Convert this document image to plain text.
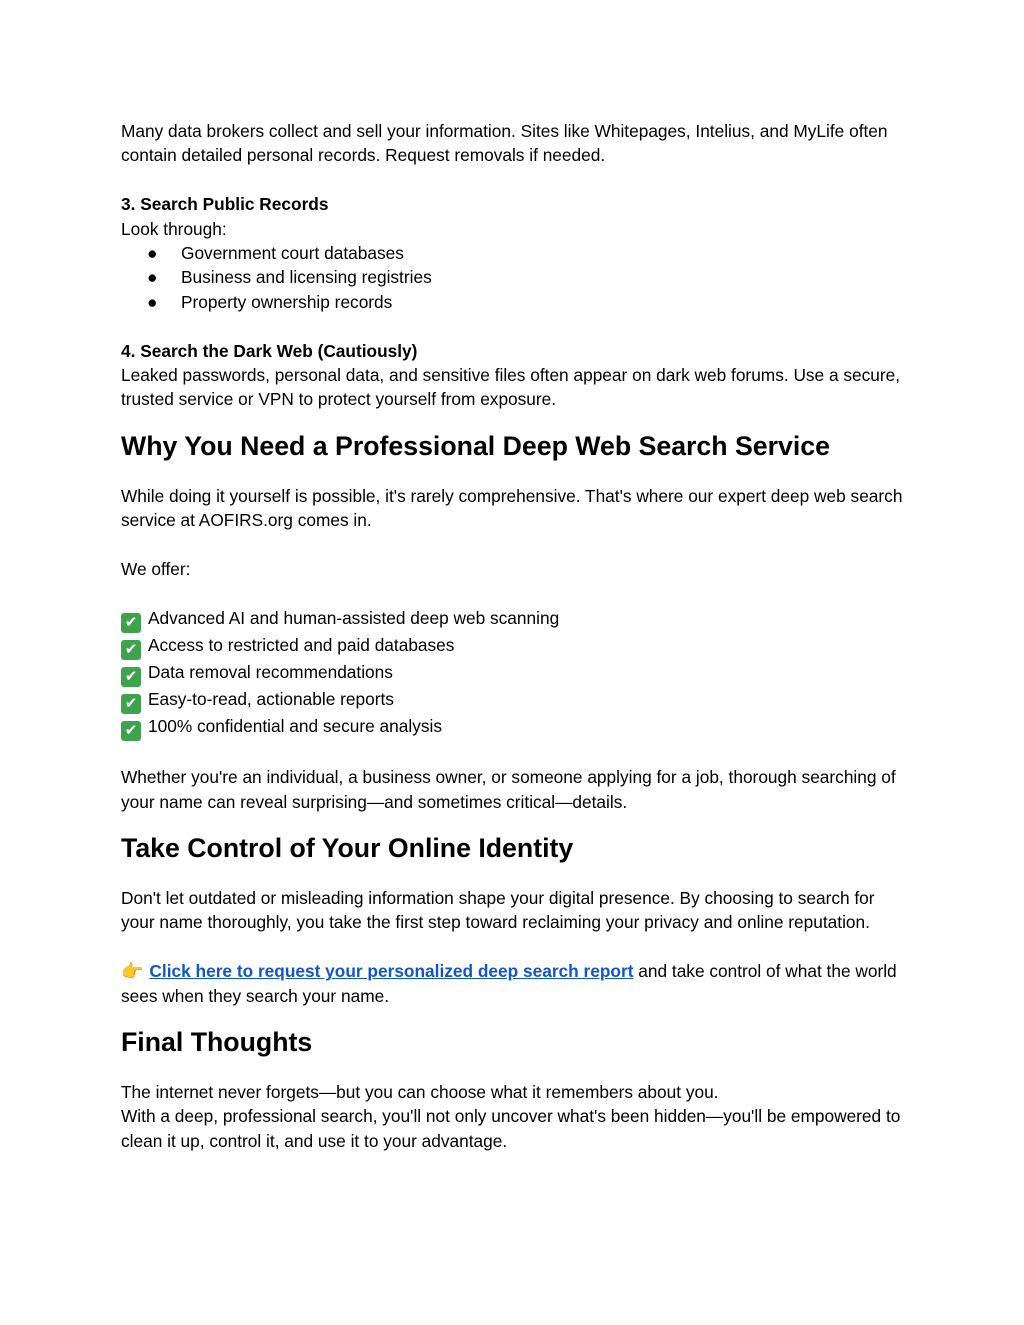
Many data brokers collect and sell your information. Sites like Whitepages, Intelius, and MyLife often contain detailed personal records. Request removals if needed.

3. Search Public Records

Look through:

● Government court databases
● Business and licensing registries
● Property ownership records

4. Search the Dark Web (Cautiously)

Leaked passwords, personal data, and sensitive files often appear on dark web forums. Use a secure, trusted service or VPN to protect yourself from exposure.

Why You Need a Professional Deep Web Search Service

While doing it yourself is possible, it's rarely comprehensive. That's where our expert deep web search service at AOFIRS.org comes in.

We offer:

✔ Advanced AI and human-assisted deep web scanning

✔ Access to restricted and paid databases

✔ Data removal recommendations

✔ Easy-to-read, actionable reports

✔ 100% confidential and secure analysis

Whether you're an individual, a business owner, or someone applying for a job, thorough searching of your name can reveal surprising—and sometimes critical—details.

Take Control of Your Online Identity

Don't let outdated or misleading information shape your digital presence. By choosing to search for your name thoroughly, you take the first step toward reclaiming your privacy and online reputation.

👉 Click here to request your personalized deep search report and take control of what the world sees when they search your name.

Final Thoughts

The internet never forgets—but you can choose what it remembers about you.

With a deep, professional search, you'll not only uncover what's been hidden—you'll be empowered to clean it up, control it, and use it to your advantage.
